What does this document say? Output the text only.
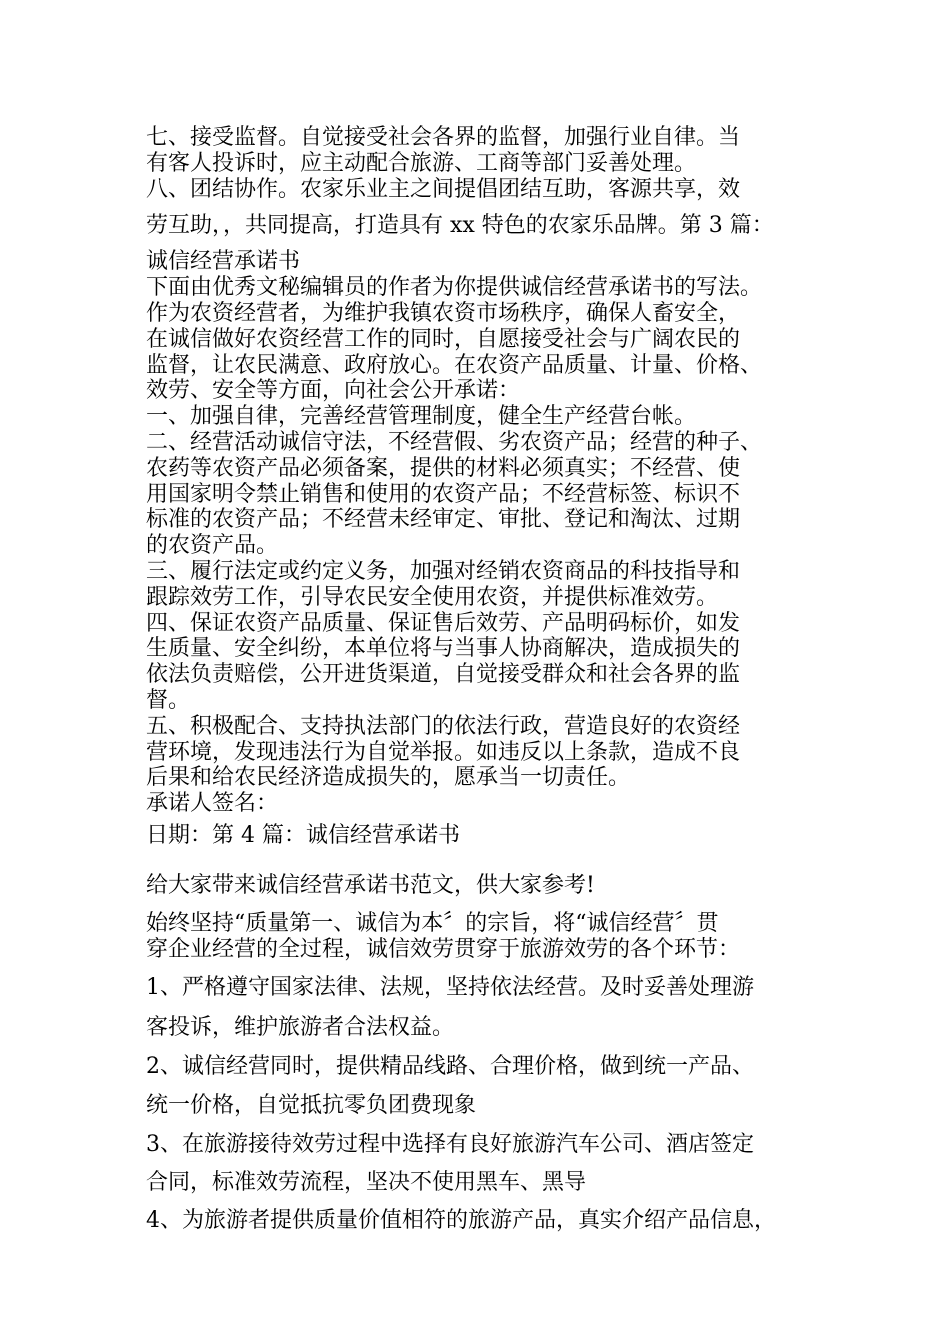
七、接受监督。自觉接受社会各界的监督，加强行业自律。当

有客人投诉时，应主动配合旅游、工商等部门妥善处理。

八、团结协作。农家乐业主之间提倡团结互助，客源共享，效

劳互助，，共同提高，打造具有 xx 特色的农家乐品牌。第 3 篇：

诚信经营承诺书

下面由优秀文秘编辑员的作者为你提供诚信经营承诺书的写法。

作为农资经营者，为维护我镇农资市场秩序，确保人畜安全，

在诚信做好农资经营工作的同时，自愿接受社会与广阔农民的

监督，让农民满意、政府放心。在农资产品质量、计量、价格、

效劳、安全等方面，向社会公开承诺：

一、加强自律，完善经营管理制度，健全生产经营台帐。

二、经营活动诚信守法，不经营假、劣农资产品；经营的种子、

农药等农资产品必须备案，提供的材料必须真实；不经营、使

用国家明令禁止销售和使用的农资产品；不经营标签、标识不

标准的农资产品；不经营未经审定、审批、登记和淘汰、过期

的农资产品。

三、履行法定或约定义务，加强对经销农资商品的科技指导和

跟踪效劳工作，引导农民安全使用农资，并提供标准效劳。

四、保证农资产品质量、保证售后效劳、产品明码标价，如发

生质量、安全纠纷，本单位将与当事人协商解决，造成损失的

依法负责赔偿，公开进货渠道，自觉接受群众和社会各界的监

督。

五、积极配合、支持执法部门的依法行政，营造良好的农资经

营环境，发现违法行为自觉举报。如违反以上条款，造成不良

后果和给农民经济造成损失的，愿承当一切责任。

承诺人签名：

日期：第 4 篇：诚信经营承诺书

给大家带来诚信经营承诺书范文，供大家参考!

始终坚持“质量第一、诚信为本〞的宗旨，将“诚信经营〞贯

穿企业经营的全过程，诚信效劳贯穿于旅游效劳的各个环节：

1、严格遵守国家法律、法规，坚持依法经营。及时妥善处理游

客投诉，维护旅游者合法权益。

2、诚信经营同时，提供精品线路、合理价格，做到统一产品、

统一价格，自觉抵抗零负团费现象

3、在旅游接待效劳过程中选择有良好旅游汽车公司、酒店签定

合同，标准效劳流程，坚决不使用黑车、黑导

4、为旅游者提供质量价值相符的旅游产品，真实介绍产品信息，
